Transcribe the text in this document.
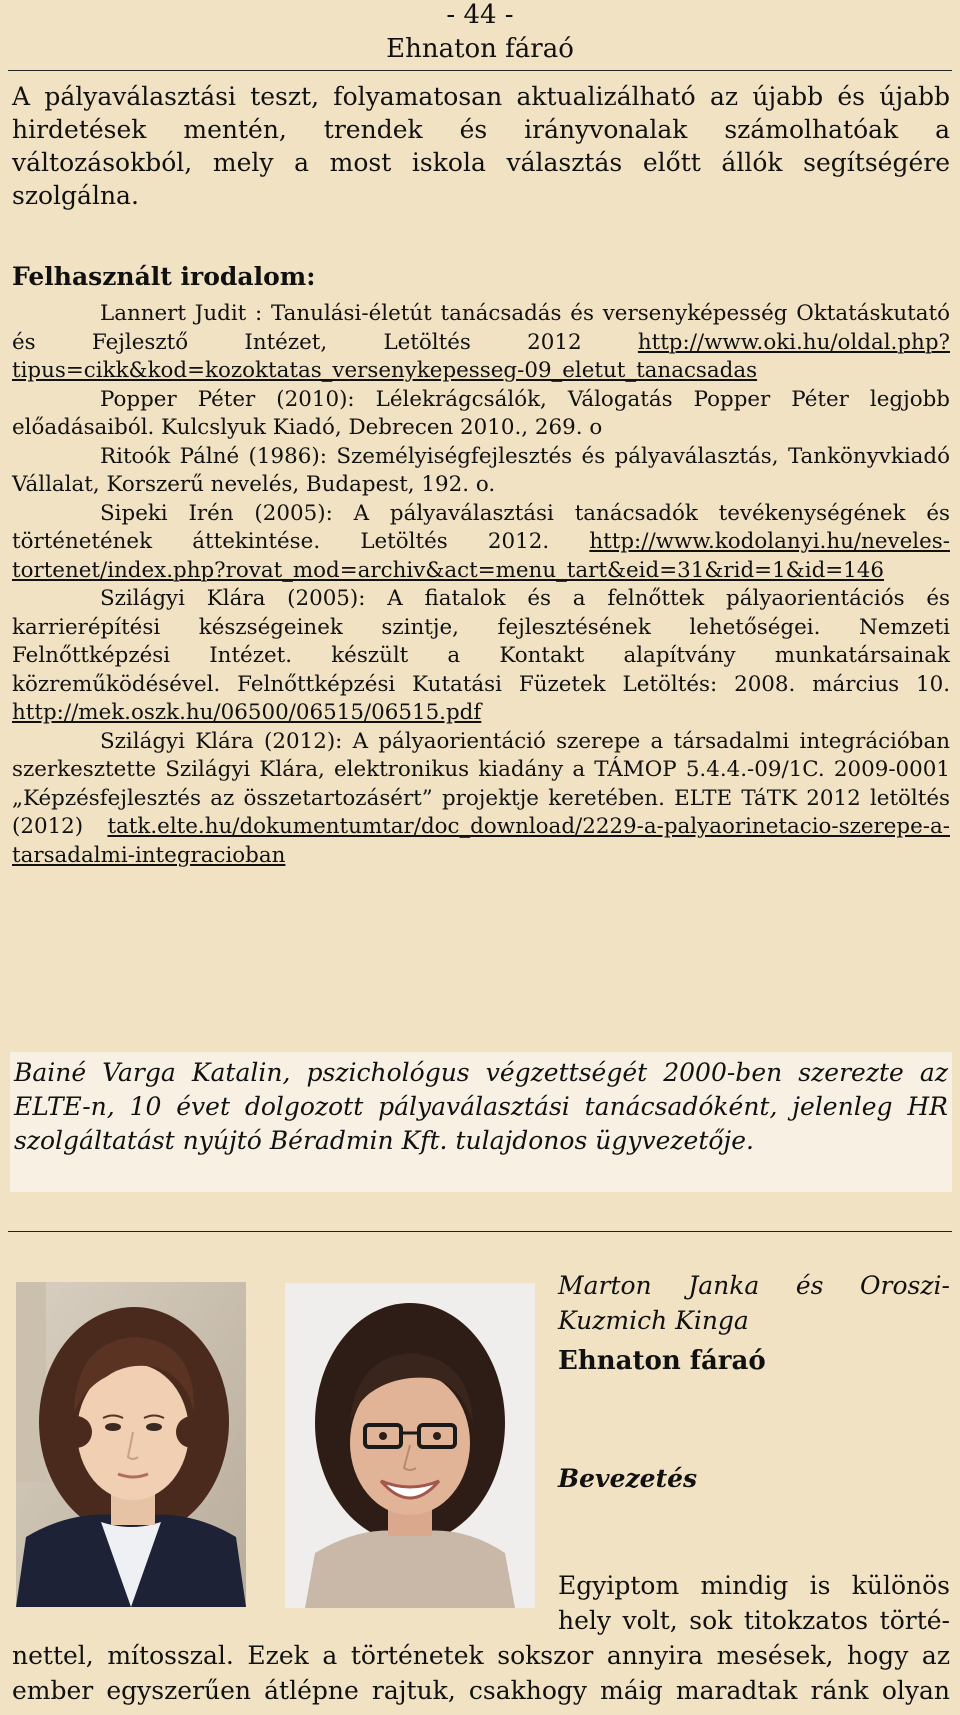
- 44 -
Ehnaton fáraó

A pályaválasztási teszt, folyamatosan aktualizálható az újabb és újabb hirdetések mentén, trendek és irányvonalak számolhatóak a változásokból, mely a most iskola választás előtt állók segítségére szolgálna.

Felhasznált irodalom:

Lannert Judit : Tanulási-életút tanácsadás és versenyképesség Oktatáskutató és Fejlesztő Intézet, Letöltés 2012 http://www.oki.hu/oldal.php?tipus=cikk&kod=kozoktatas_versenykepesseg-09_eletut_tanacsadas

Popper Péter (2010): Lélekrágcsálók, Válogatás Popper Péter legjobb előadásaiból. Kulcslyuk Kiadó, Debrecen 2010., 269. o

Ritoók Pálné (1986): Személyiségfejlesztés és pályaválasztás, Tankönyvkiadó Vállalat, Korszerű nevelés, Budapest, 192. o.

Sipeki Irén (2005): A pályaválasztási tanácsadók tevékenységének és történetének áttekintése. Letöltés 2012. http://www.kodolanyi.hu/neveles-tortenet/index.php?rovat_mod=archiv&act=menu_tart&eid=31&rid=1&id=146

Szilágyi Klára (2005): A fiatalok és a felnőttek pályaorientációs és karrierépítési készségeinek szintje, fejlesztésének lehetőségei. Nemzeti Felnőttképzési Intézet. készült a Kontakt alapítvány munkatársainak közreműködésével. Felnőttképzési Kutatási Füzetek Letöltés: 2008. március 10. http://mek.oszk.hu/06500/06515/06515.pdf

Szilágyi Klára (2012): A pályaorientáció szerepe a társadalmi integrációban szerkesztette Szilágyi Klára, elektronikus kiadány a TÁMOP 5.4.4.-09/1C. 2009-0001 „Képzésfejlesztés az összetartozásért” projektje keretében. ELTE TáTK 2012 letöltés (2012) tatk.elte.hu/dokumentumtar/doc_download/2229-a-palyaorinetacio-szerepe-a-tarsadalmi-integracioban

Bainé Varga Katalin, pszichológus végzettségét 2000-ben szerezte az ELTE-n, 10 évet dolgozott pályaválasztási tanácsadóként, jelenleg HR szolgáltatást nyújtó Béradmin Kft. tulajdonos ügyvezetője.
Marton Janka és Oroszi-Kuzmich Kinga
Ehnaton fáraó
Bevezetés
Egyiptom mindig is különös
hely volt, sok titokzatos törté-
nettel, mítosszal. Ezek a történetek sokszor annyira mesések, hogy az
ember egyszerűen átlépne rajtuk, csakhogy máig maradtak ránk olyan
